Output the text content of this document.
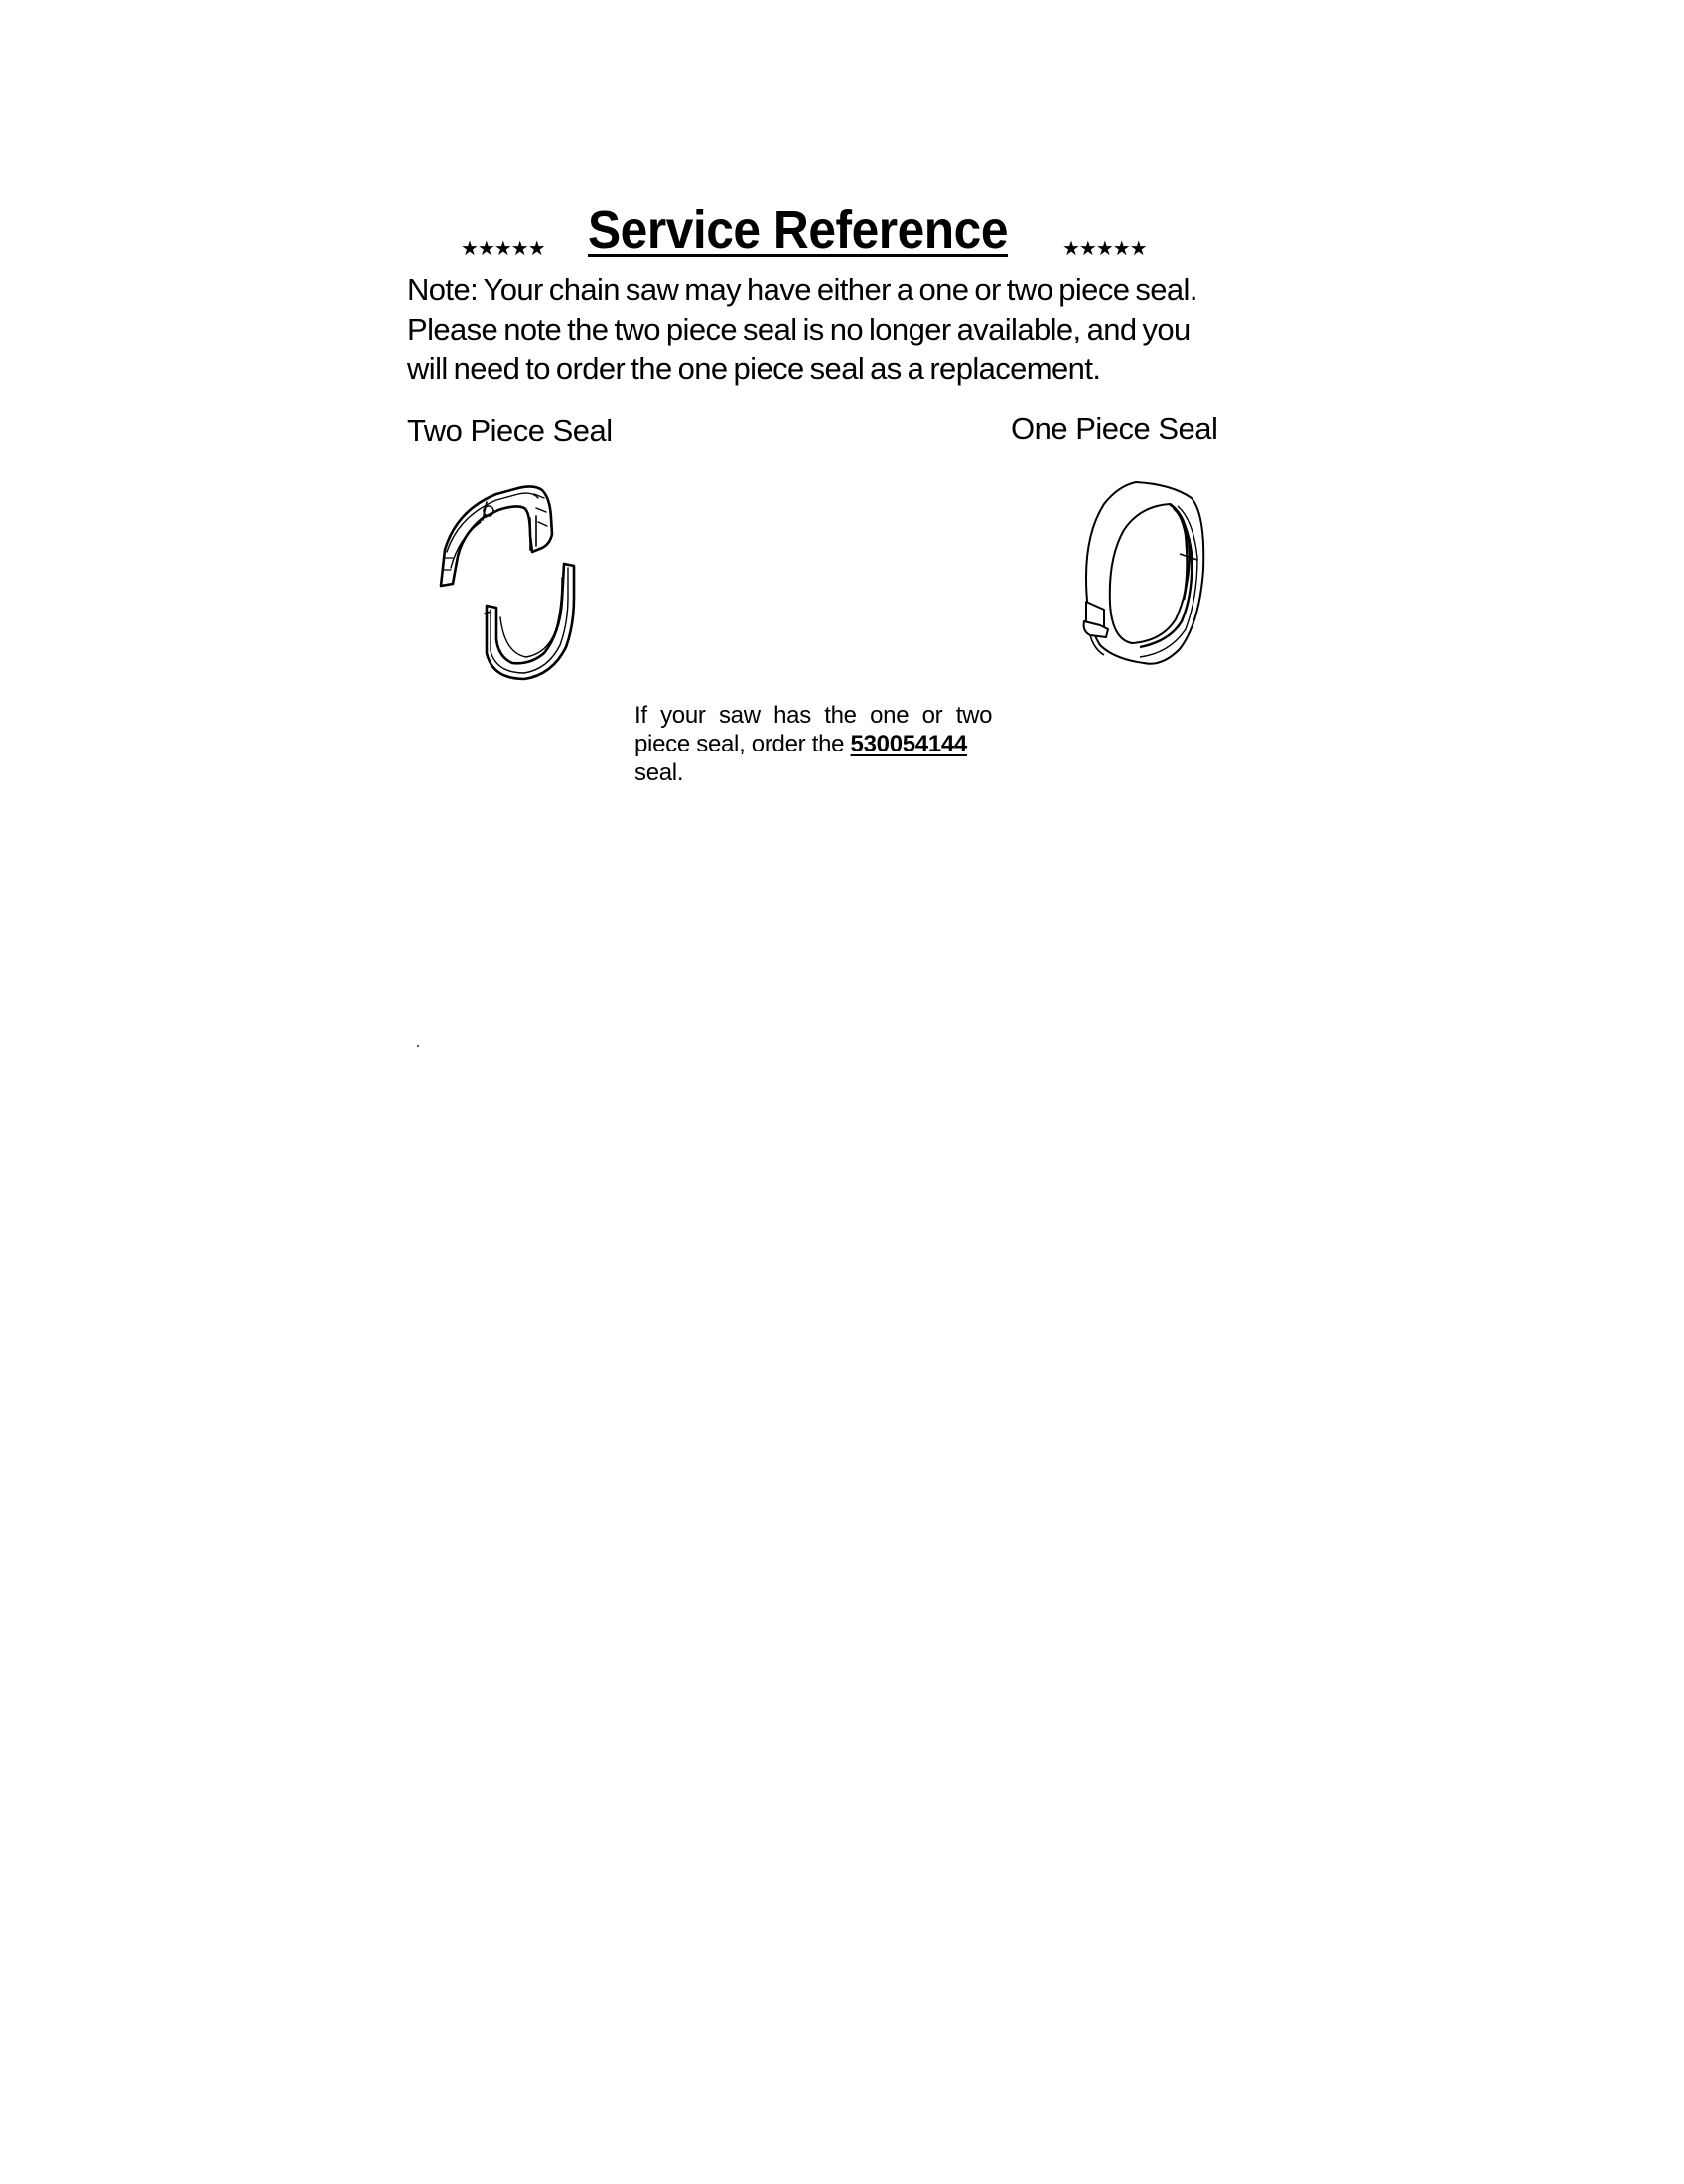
★★★★★ Service Reference	★★★★★
Note: Your chain saw may have either a one or two piece seal.
Please note the two piece seal is no longer available, and you
will need to order the one piece seal as a replacement.
Two Piece Seal	One Piece Seal
If your saw has the one or two
piece seal, order the 530054144
seal.
